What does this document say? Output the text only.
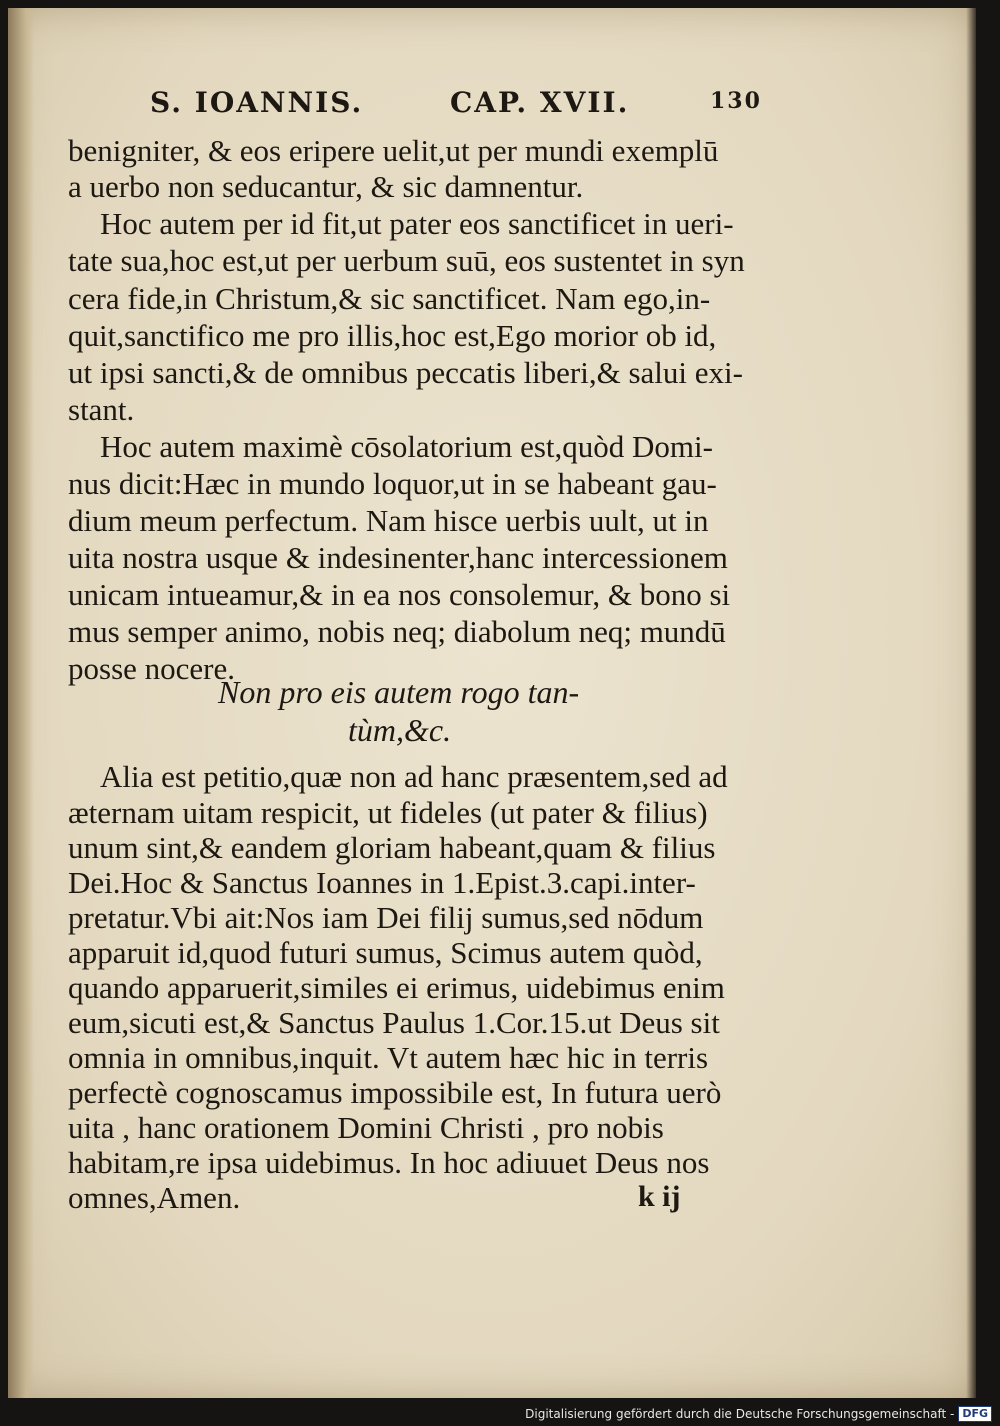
S. IOANNIS.	CAP. XVII.	130
benigniter, & eos eripere uelit,ut per mundi exemplū
a uerbo non seducantur, & sic damnentur.
Hoc autem per id fit,ut pater eos sanctificet in ueri-
tate sua,hoc est,ut per uerbum suū, eos sustentet in syn
cera fide,in Christum,& sic sanctificet. Nam ego,in-
quit,sanctifico me pro illis,hoc est,Ego morior ob id,
ut ipsi sancti,& de omnibus peccatis liberi,& salui exi-
stant.
Hoc autem maximè cōsolatorium est,quòd Domi-
nus dicit:Hæc in mundo loquor,ut in se habeant gau-
dium meum perfectum. Nam hisce uerbis uult, ut in
uita nostra usque & indesinenter,hanc intercessionem
unicam intueamur,& in ea nos consolemur, & bono si
mus semper animo, nobis neq; diabolum neq; mundū
posse nocere.
Non pro eis autem rogo tan-
tùm,&c.
Alia est petitio,quæ non ad hanc præsentem,sed ad
æternam uitam respicit, ut fideles (ut pater & filius)
unum sint,& eandem gloriam habeant,quam & filius
Dei.Hoc & Sanctus Ioannes in 1.Epist.3.capi.inter-
pretatur.Vbi ait:Nos iam Dei filij sumus,sed nōdum
apparuit id,quod futuri sumus, Scimus autem quòd,
quando apparuerit,similes ei erimus, uidebimus enim
eum,sicuti est,& Sanctus Paulus 1.Cor.15.ut Deus sit
omnia in omnibus,inquit. Vt autem hæc hic in terris
perfectè cognoscamus impossibile est, In futura uerò
uita , hanc orationem Domini Christi , pro nobis
habitam,re ipsa uidebimus. In hoc adiuuet Deus nos
omnes,Amen.	k ij
Digitalisierung gefördert durch die Deutsche Forschungsgemeinschaft - DFG
